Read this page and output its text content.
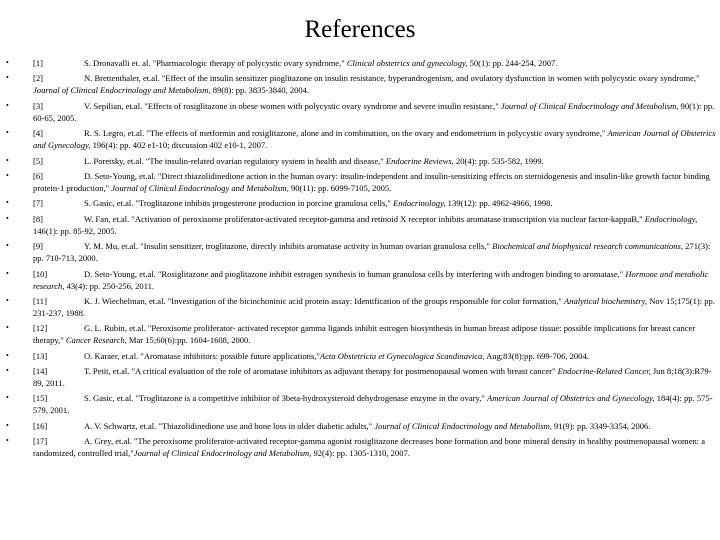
References
•	[1]	S. Dronavalli et. al. "Pharmacologic therapy of polycystic ovary syndrome," Clinical obstetrics and gynecology, 50(1): pp. 244-254, 2007.
•	[2]	N. Brettenthaler, et.al. "Effect of the insulin sensitizer pioglitazone on insulin resistance, hyperandrogenism, and ovulatory dysfunction in women with polycystic ovary syndrome," Journal of Clinical Endocrinology and Metabolism, 89(8): pp. 3835-3840, 2004.
•	[3]	V. Sepilian, et.al. "Effects of rosiglitazone in obese women with polycystic ovary syndrome and severe insulin resistanc," Journal of Clinical Endocrinology and Metabolism, 90(1): pp. 60-65, 2005.
•	[4]	R. S. Legro, et.al. "The effects of metformin and rosiglitazone, alone and in combination, on the ovary and endometrium in polycystic ovary syndrome," American Journal of Obstetrics and Gynecology, 196(4): pp. 402 e1-10; discussion 402 e10-1, 2007.
•	[5]	L. Poretsky, et.al. "The insulin-related ovarian regulatory system in health and disease," Endocrine Reviews, 20(4): pp. 535-582, 1999.
•	[6]	D. Seto-Young, et.al. "Direct thiazolidinedione action in the human ovary: insulin-independent and insulin-sensitizing effects on steroidogenesis and insulin-like growth factor binding protein-1 production," Journal of Clinical Endocrinology and Metabolism, 90(11): pp. 6099-7105, 2005.
•	[7]	S. Gasic, et.al. "Troglitazone inhibits progesterone production in porcine granulosa cells," Endocrinology, 139(12): pp. 4962-4966, 1998.
•	[8]	W. Fan, et.al. "Activation of peroxisome proliferator-activated receptor-gamma and retinoid X receptor inhibits aromatase transcription via nuclear factor-kappaB," Endocrinology, 146(1): pp. 85-92, 2005.
•	[9]	Y. M. Mu, et.al. "Insulin sensitizer, troglitazone, directly inhibits aromatase activity in human ovarian granulosa cells," Biochemical and biophysical research communications, 271(3): pp. 710-713, 2000.
•	[10]	D. Seto-Young, et.al. "Rosiglitazone and pioglitazone inhibit estrogen synthesis in human granulosa cells by interfering with androgen binding to aromatase," Hormone and metabolic research, 43(4): pp. 250-256, 2011.
•	[11]	K. J. Wiechelman, et.al. "Investigation of the bicinchoninic acid protein assay: Identification of the groups responsible for color formation," Analytical biochemistry, Nov 15;175(1): pp. 231-237, 1988.
•	[12]	G. L. Rubin, et.al. "Peroxisome proliferator- activated receptor gamma ligands inhibit estrogen biosynthesis in human breast adipose tissue: possible implications for breast cancer therapy," Cancer Research, Mar 15;60(6):pp. 1604-1608, 2000.
•	[13]	O. Karaer, et.al. "Aromatase inhibitors: possible future applications,"Acta Obstetricia et Gynecologica Scandinavica, Aug;83(8):pp. 699-706, 2004.
•	[14]	T. Petit, et.al. "A critical evaluation of the role of aromatase inhibitors as adjuvant therapy for postmenopausal women with breast cancer" Endocrine-Related Cancer, Jun 8;18(3):R79-89, 2011.
•	[15]	S. Gasic, et.al. "Troglitazone is a competitive inhibitor of 3beta-hydroxysteroid dehydrogenase enzyme in the ovary," American Journal of Obstetrics and Gynecology, 184(4): pp. 575-579, 2001.
•	[16]	A. V. Schwartz, et.al. "Thiazolidinedione use and bone loss in older diabetic adults," Journal of Clinical Endocrinology and Metabolism, 91(9): pp. 3349-3354, 2006.
•	[17]	A. Grey, et.al. "The peroxisome proliferator-activated receptor-gamma agonist rosiglitazone decreases bone formation and bone mineral density in healthy postmenopausal women: a randomized, controlled trial,"Journal of Clinical Endocrinology and Metabolism, 92(4): pp. 1305-1310, 2007.
